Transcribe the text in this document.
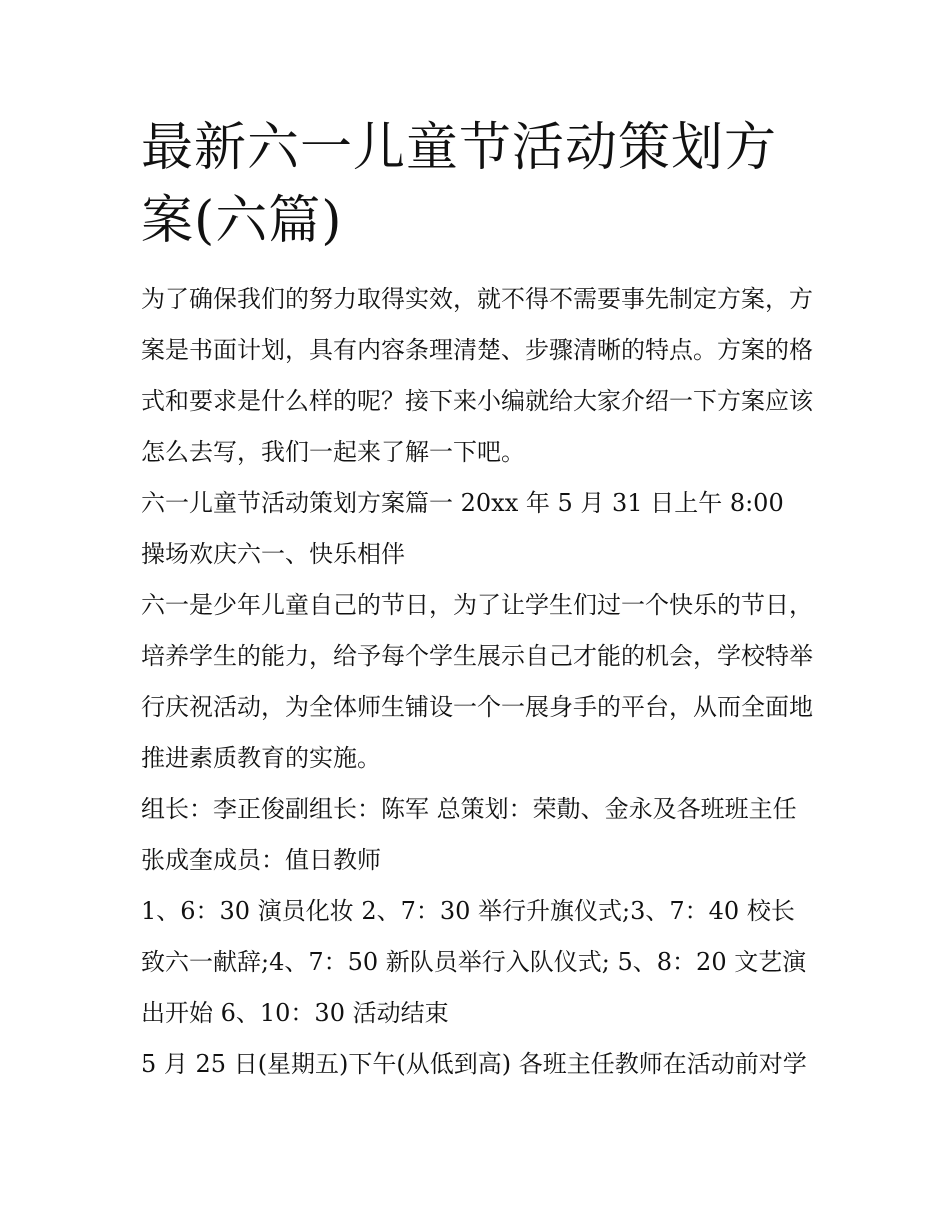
最新六一儿童节活动策划方案(六篇)

为了确保我们的努力取得实效，就不得不需要事先制定方案，方案是书面计划，具有内容条理清楚、步骤清晰的特点。方案的格式和要求是什么样的呢？接下来小编就给大家介绍一下方案应该怎么去写，我们一起来了解一下吧。

六一儿童节活动策划方案篇一 20xx 年 5 月 31 日上午 8:00 操场欢庆六一、快乐相伴

六一是少年儿童自己的节日，为了让学生们过一个快乐的节日，培养学生的能力，给予每个学生展示自己才能的机会，学校特举行庆祝活动，为全体师生铺设一个一展身手的平台，从而全面地推进素质教育的实施。

组长：李正俊副组长：陈军 总策划：荣勣、金永及各班班主任 张成奎成员：值日教师

1、6：30 演员化妆 2、7：30 举行升旗仪式;3、7：40 校长致六一献辞;4、7：50 新队员举行入队仪式; 5、8：20 文艺演出开始 6、10：30 活动结束

5 月 25 日(星期五)下午(从低到高) 各班主任教师在活动前对学
